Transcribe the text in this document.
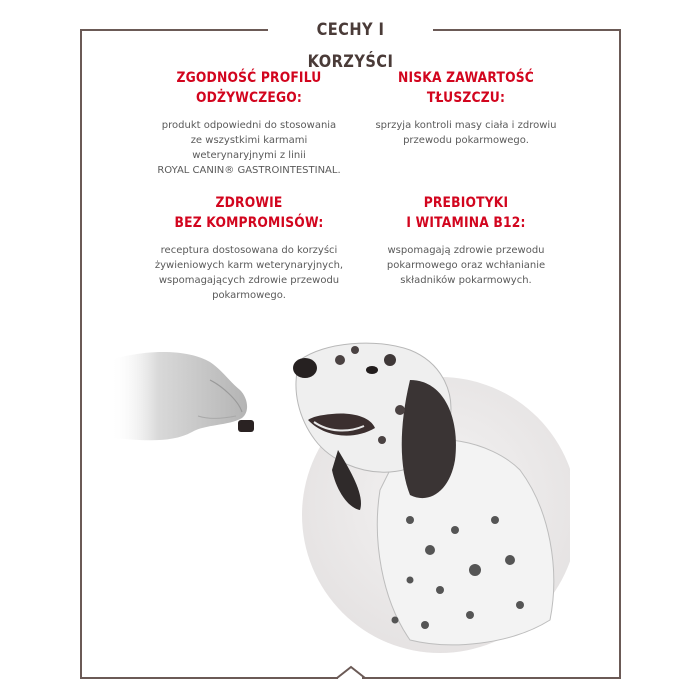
CECHY I KORZYŚCI
ZGODNOŚĆ PROFILU
ODŻYWCZEGO:
produkt odpowiedni do stosowania
ze wszystkimi karmami
weterynaryjnymi z linii
ROYAL CANIN® GASTROINTESTINAL.
NISKA ZAWARTOŚĆ
TŁUSZCZU:
sprzyja kontroli masy ciała i zdrowiu
przewodu pokarmowego.
ZDROWIE
BEZ KOMPROMISÓW:
receptura dostosowana do korzyści
żywieniowych karm weterynaryjnych,
wspomagających zdrowie przewodu
pokarmowego.
PREBIOTYKI
I WITAMINA B12:
wspomagają zdrowie przewodu
pokarmowego oraz wchłanianie
składników pokarmowych.
